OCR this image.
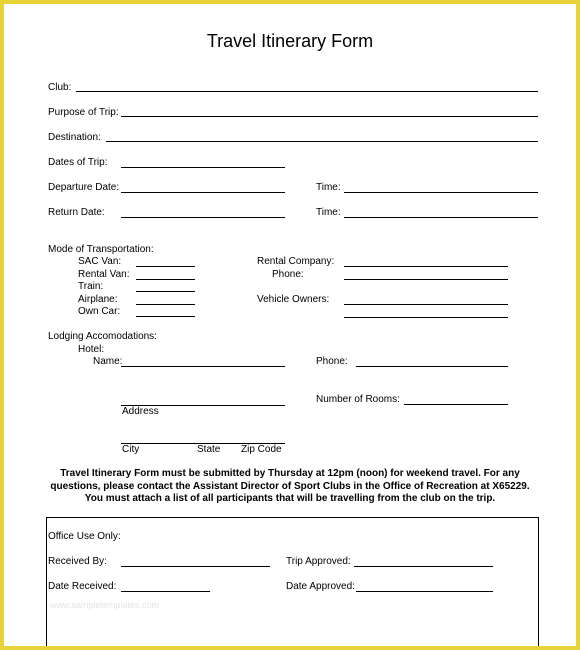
Travel Itinerary Form
Club:
Purpose of Trip:
Destination:
Dates of Trip:
Departure Date:	Time:
Return Date:	Time:
Mode of Transportation:
SAC Van:
Rental Van:
Train:
Airplane:
Own Car:
Rental Company:
Phone:
Vehicle Owners:
Lodging Accomodations:
Hotel:
Name:	Phone:
Number of Rooms:
Address
City	State Zip Code
Travel Itinerary Form must be submitted by Thursday at 12pm (noon) for weekend travel. For any
questions, please contact the Assistant Director of Sport Clubs in the Office of Recreation at X65229.
You must attach a list of all participants that will be travelling from the club on the trip.
Office Use Only:
Received By:	Trip Approved:
Date Received:	Date Approved:
www.sampletemplates.com
